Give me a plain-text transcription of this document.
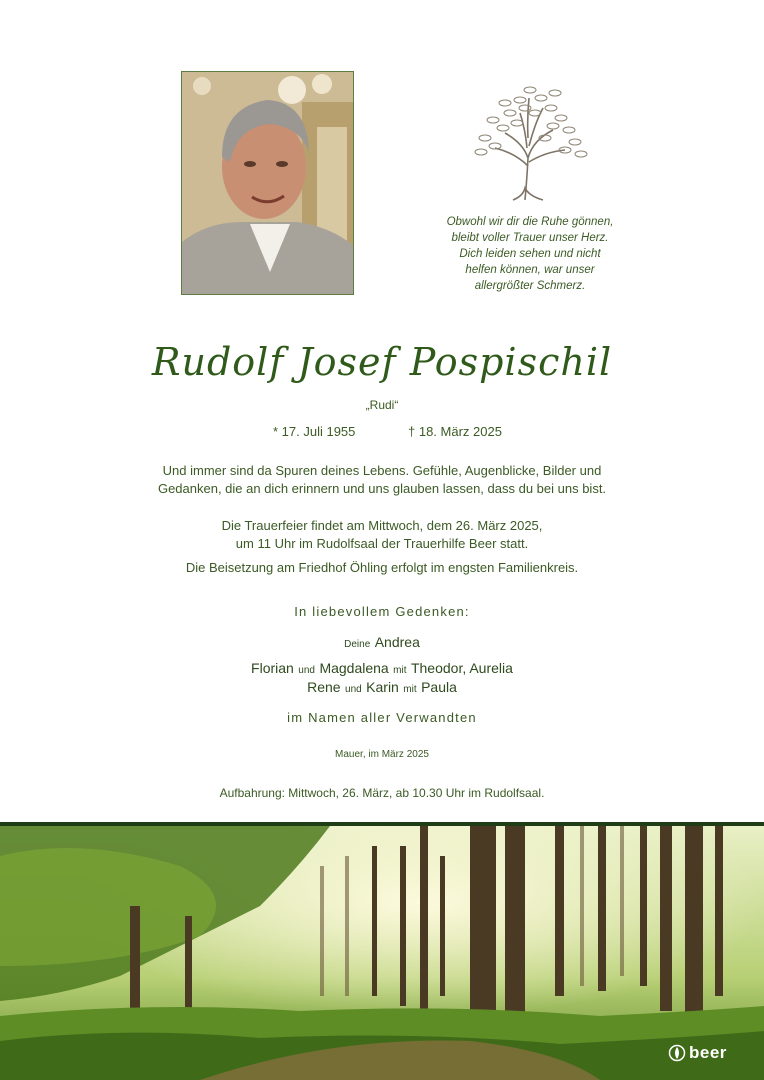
Obwohl wir dir die Ruhe gönnen,
bleibt voller Trauer unser Herz.
Dich leiden sehen und nicht
helfen können, war unser
allergrößter Schmerz.
Rudolf Josef Pospischil
„Rudi“
* 17. Juli 1955	† 18. März 2025
Und immer sind da Spuren deines Lebens. Gefühle, Augenblicke, Bilder und
Gedanken, die an dich erinnern und uns glauben lassen, dass du bei uns bist.
Die Trauerfeier findet am Mittwoch, dem 26. März 2025,
um 11 Uhr im Rudolfsaal der Trauerhilfe Beer statt.
Die Beisetzung am Friedhof Öhling erfolgt im engsten Familienkreis.
In liebevollem Gedenken:
Deine Andrea
Florian und Magdalena mit Theodor, Aurelia
Rene und Karin mit Paula
im Namen aller Verwandten
Mauer, im März 2025
Aufbahrung: Mittwoch, 26. März, ab 10.30 Uhr im Rudolfsaal.
beer
